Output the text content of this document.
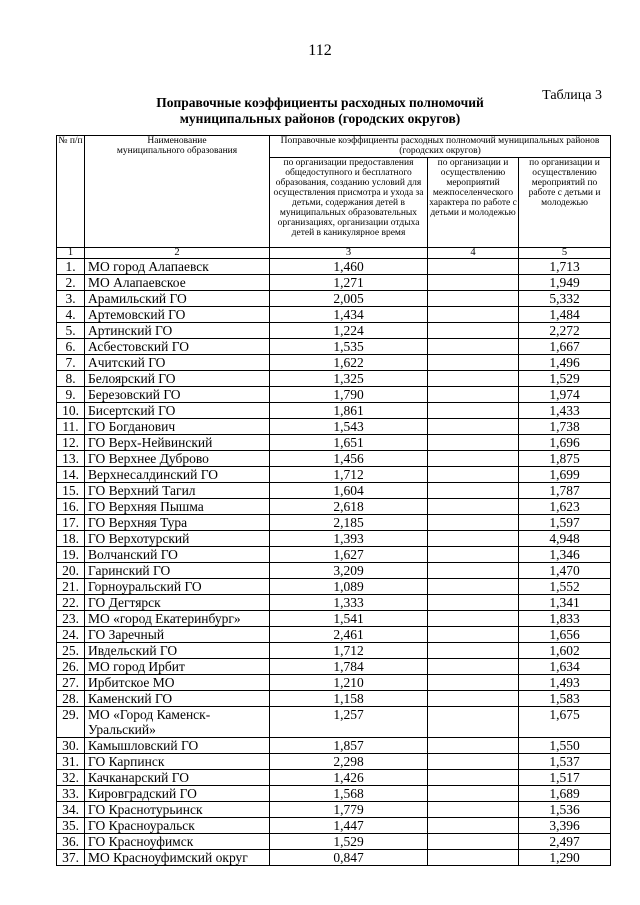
112
Таблица 3
Поправочные коэффициенты расходных полномочий
муниципальных районов (городских округов)
№ п/п	Наименование муниципального образования	Поправочные коэффициенты расходных полномочий муниципальных районов (городских округов)		
		по организации предоставления общедоступного и бесплатного образования, созданию условий для осуществления присмотра и ухода за детьми, содержания детей в муниципальных образовательных организациях, организации отдыха детей в каникулярное время	по организации и осуществлению мероприятий межпоселенческого характера по работе с детьми и молодежью	по организации и осуществлению мероприятий по работе с детьми и молодежью
1	2	3	4	5
1.	МО город Алапаевск	1,460		1,713
2.	МО Алапаевское	1,271		1,949
3.	Арамильский ГО	2,005		5,332
4.	Артемовский ГО	1,434		1,484
5.	Артинский ГО	1,224		2,272
6.	Асбестовский ГО	1,535		1,667
7.	Ачитский ГО	1,622		1,496
8.	Белоярский ГО	1,325		1,529
9.	Березовский ГО	1,790		1,974
10.	Бисертский ГО	1,861		1,433
11.	ГО Богданович	1,543		1,738
12.	ГО Верх-Нейвинский	1,651		1,696
13.	ГО Верхнее Дуброво	1,456		1,875
14.	Верхнесалдинский ГО	1,712		1,699
15.	ГО Верхний Тагил	1,604		1,787
16.	ГО Верхняя Пышма	2,618		1,623
17.	ГО Верхняя Тура	2,185		1,597
18.	ГО Верхотурский	1,393		4,948
19.	Волчанский ГО	1,627		1,346
20.	Гаринский ГО	3,209		1,470
21.	Горноуральский ГО	1,089		1,552
22.	ГО Дегтярск	1,333		1,341
23.	МО «город Екатеринбург»	1,541		1,833
24.	ГО Заречный	2,461		1,656
25.	Ивдельский ГО	1,712		1,602
26.	МО город Ирбит	1,784		1,634
27.	Ирбитское МО	1,210		1,493
28.	Каменский ГО	1,158		1,583
29.	МО «Город Каменск-Уральский»	1,257		1,675
30.	Камышловский ГО	1,857		1,550
31.	ГО Карпинск	2,298		1,537
32.	Качканарский ГО	1,426		1,517
33.	Кировградский ГО	1,568		1,689
34.	ГО Краснотурьинск	1,779		1,536
35.	ГО Красноуральск	1,447		3,396
36.	ГО Красноуфимск	1,529		2,497
37.	МО Красноуфимский округ	0,847		1,290
